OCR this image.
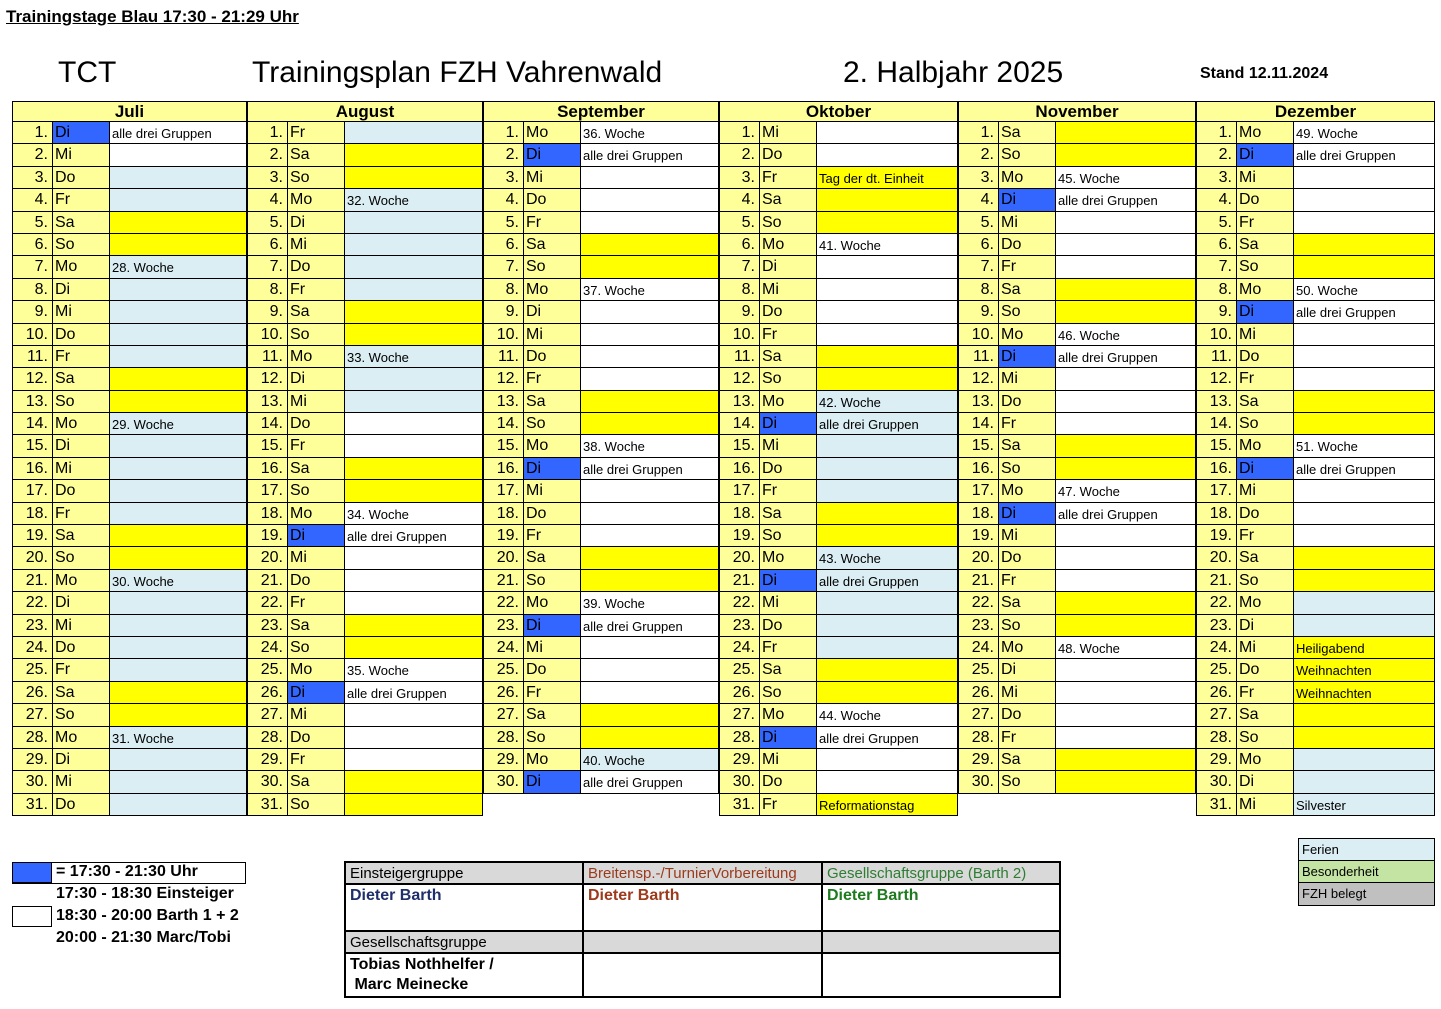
Trainingstage Blau 17:30 - 21:29 Uhr
TCT	Trainingsplan FZH Vahrenwald	2. Halbjahr 2025	Stand 12.11.2024
Juli
1. Di	alle drei Gruppen
2. Mi
3. Do
4. Fr
5. Sa
6. So
7. Mo	28. Woche
8. Di
9. Mi
10. Do
11. Fr
12. Sa
13. So
14. Mo	29. Woche
15. Di
16. Mi
17. Do
18. Fr
19. Sa
20. So
21. Mo	30. Woche
22. Di
23. Mi
24. Do
25. Fr
26. Sa
27. So
28. Mo	31. Woche
29. Di
30. Mi
31. Do
August
1. Fr
2. Sa
3. So
4. Mo	32. Woche
5. Di
6. Mi
7. Do
8. Fr
9. Sa
10. So
11. Mo	33. Woche
12. Di
13. Mi
14. Do
15. Fr
16. Sa
17. So
18. Mo	34. Woche
19. Di	alle drei Gruppen
20. Mi
21. Do
22. Fr
23. Sa
24. So
25. Mo	35. Woche
26. Di	alle drei Gruppen
27. Mi
28. Do
29. Fr
30. Sa
31. So
September
1. Mo	36. Woche
2. Di	alle drei Gruppen
3. Mi
4. Do
5. Fr
6. Sa
7. So
8. Mo	37. Woche
9. Di
10. Mi
11. Do
12. Fr
13. Sa
14. So
15. Mo	38. Woche
16. Di	alle drei Gruppen
17. Mi
18. Do
19. Fr
20. Sa
21. So
22. Mo	39. Woche
23. Di	alle drei Gruppen
24. Mi
25. Do
26. Fr
27. Sa
28. So
29. Mo	40. Woche
30. Di	alle drei Gruppen
Oktober
1. Mi
2. Do
3. Fr	Tag der dt. Einheit
4. Sa
5. So
6. Mo	41. Woche
7. Di
8. Mi
9. Do
10. Fr
11. Sa
12. So
13. Mo	42. Woche
14. Di	alle drei Gruppen
15. Mi
16. Do
17. Fr
18. Sa
19. So
20. Mo	43. Woche
21. Di	alle drei Gruppen
22. Mi
23. Do
24. Fr
25. Sa
26. So
27. Mo	44. Woche
28. Di	alle drei Gruppen
29. Mi
30. Do
31. Fr	Reformationstag
November
1. Sa
2. So
3. Mo	45. Woche
4. Di	alle drei Gruppen
5. Mi
6. Do
7. Fr
8. Sa
9. So
10. Mo	46. Woche
11. Di	alle drei Gruppen
12. Mi
13. Do
14. Fr
15. Sa
16. So
17. Mo	47. Woche
18. Di	alle drei Gruppen
19. Mi
20. Do
21. Fr
22. Sa
23. So
24. Mo	48. Woche
25. Di
26. Mi
27. Do
28. Fr
29. Sa
30. So
Dezember
1. Mo	49. Woche
2. Di	alle drei Gruppen
3. Mi
4. Do
5. Fr
6. Sa
7. So
8. Mo	50. Woche
9. Di	alle drei Gruppen
10. Mi
11. Do
12. Fr
13. Sa
14. So
15. Mo	51. Woche
16. Di	alle drei Gruppen
17. Mi
18. Do
19. Fr
20. Sa
21. So
22. Mo
23. Di
24. Mi	Heiligabend
25. Do	Weihnachten
26. Fr	Weihnachten
27. Sa
28. So
29. Mo
30. Di
31. Mi	Silvester
= 17:30 - 21:30 Uhr
17:30 - 18:30 Einsteiger
18:30 - 20:00 Barth 1 + 2
20:00 - 21:30 Marc/Tobi
Einsteigergruppe	Breitensp.-/TurnierVorbereitung	Gesellschaftsgruppe (Barth 2)
Dieter Barth	Dieter Barth	Dieter Barth
Gesellschaftsgruppe
Tobias Nothhelfer /
Marc Meinecke
Ferien
Besonderheit
FZH belegt
